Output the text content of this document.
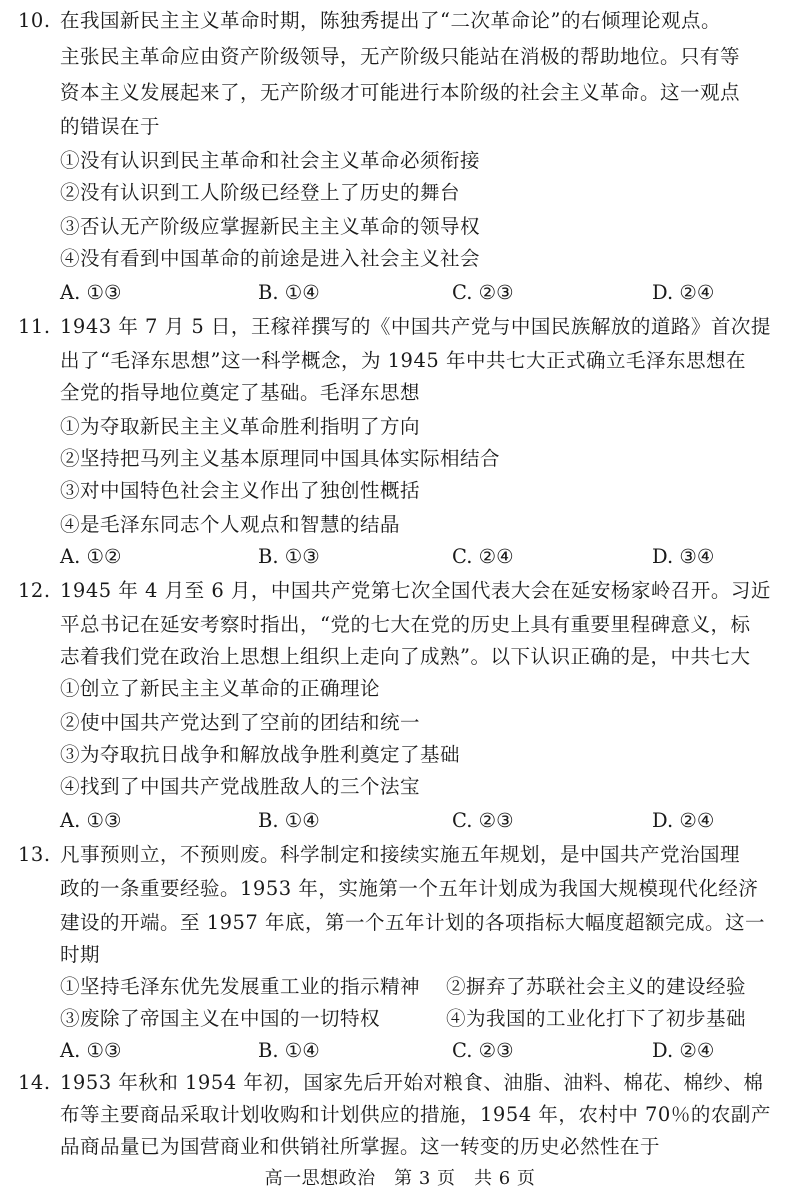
10. 在我国新民主主义革命时期，陈独秀提出了“二次革命论”的右倾理论观点。
主张民主革命应由资产阶级领导，无产阶级只能站在消极的帮助地位。只有等
资本主义发展起来了，无产阶级才可能进行本阶级的社会主义革命。这一观点
的错误在于
①没有认识到民主革命和社会主义革命必须衔接
②没有认识到工人阶级已经登上了历史的舞台
③否认无产阶级应掌握新民主主义革命的领导权
④没有看到中国革命的前途是进入社会主义社会
A. ①③	B. ①④	C. ②③	D. ②④
11. 1943 年 7 月 5 日，王稼祥撰写的《中国共产党与中国民族解放的道路》首次提
出了“毛泽东思想”这一科学概念，为 1945 年中共七大正式确立毛泽东思想在
全党的指导地位奠定了基础。毛泽东思想
①为夺取新民主主义革命胜利指明了方向
②坚持把马列主义基本原理同中国具体实际相结合
③对中国特色社会主义作出了独创性概括
④是毛泽东同志个人观点和智慧的结晶
A. ①②	B. ①③	C. ②④	D. ③④
12. 1945 年 4 月至 6 月，中国共产党第七次全国代表大会在延安杨家岭召开。习近
平总书记在延安考察时指出，“党的七大在党的历史上具有重要里程碑意义，标
志着我们党在政治上思想上组织上走向了成熟”。以下认识正确的是，中共七大
①创立了新民主主义革命的正确理论
②使中国共产党达到了空前的团结和统一
③为夺取抗日战争和解放战争胜利奠定了基础
④找到了中国共产党战胜敌人的三个法宝
A. ①③	B. ①④	C. ②③	D. ②④
13. 凡事预则立，不预则废。科学制定和接续实施五年规划，是中国共产党治国理
政的一条重要经验。1953 年，实施第一个五年计划成为我国大规模现代化经济
建设的开端。至 1957 年底，第一个五年计划的各项指标大幅度超额完成。这一
时期
①坚持毛泽东优先发展重工业的指示精神 ②摒弃了苏联社会主义的建设经验
③废除了帝国主义在中国的一切特权	④为我国的工业化打下了初步基础
A. ①③	B. ①④	C. ②③	D. ②④
14. 1953 年秋和 1954 年初，国家先后开始对粮食、油脂、油料、棉花、棉纱、棉
布等主要商品采取计划收购和计划供应的措施，1954 年，农村中 70％的农副产
品商品量已为国营商业和供销社所掌握。这一转变的历史必然性在于
高一思想政治　第 3 页　共 6 页
